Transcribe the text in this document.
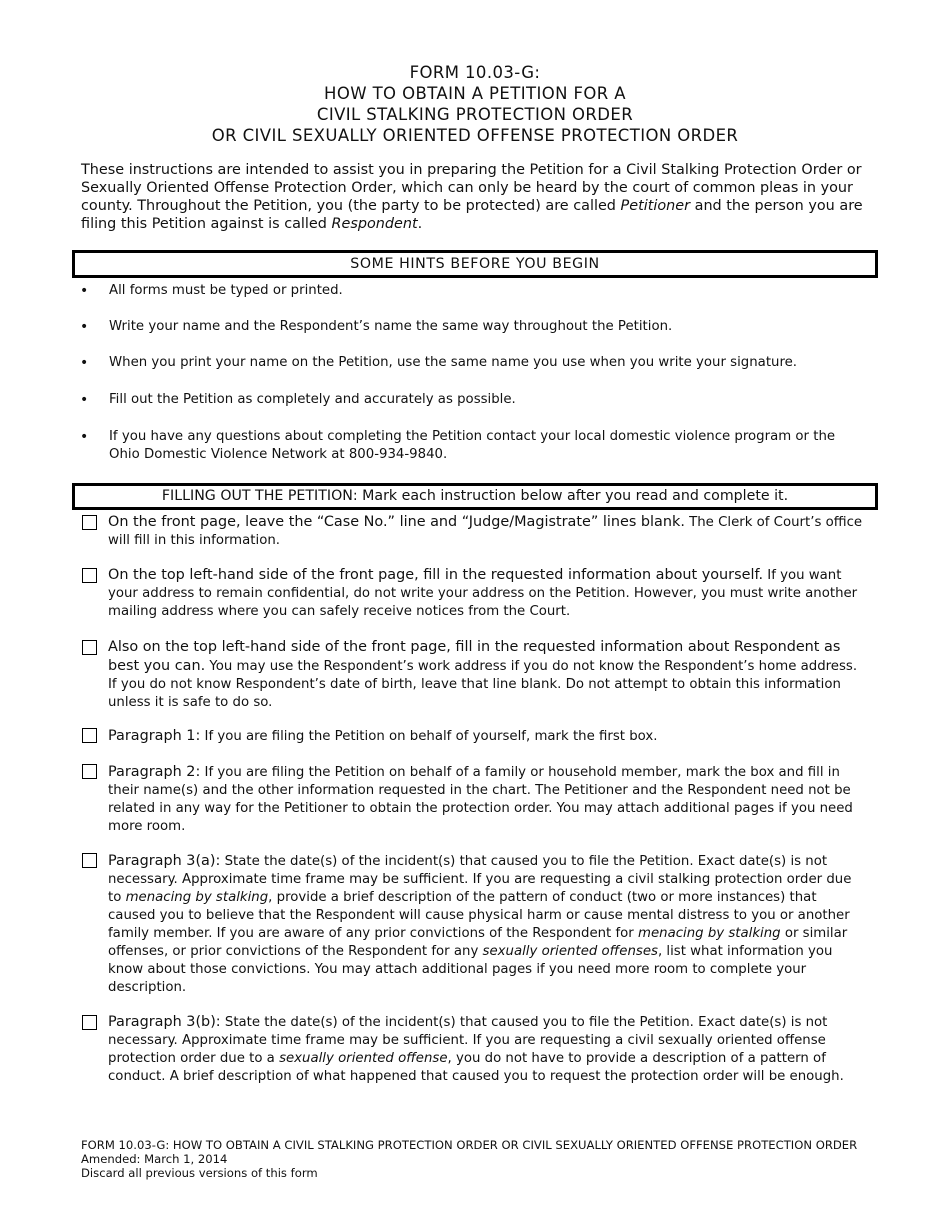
FORM 10.03-G:
HOW TO OBTAIN A PETITION FOR A
CIVIL STALKING PROTECTION ORDER
OR CIVIL SEXUALLY ORIENTED OFFENSE PROTECTION ORDER
These instructions are intended to assist you in preparing the Petition for a Civil Stalking Protection Order or Sexually Oriented Offense Protection Order, which can only be heard by the court of common pleas in your county. Throughout the Petition, you (the party to be protected) are called Petitioner and the person you are filing this Petition against is called Respondent.
SOME HINTS BEFORE YOU BEGIN
• All forms must be typed or printed.
• Write your name and the Respondent’s name the same way throughout the Petition.
• When you print your name on the Petition, use the same name you use when you write your signature.
• Fill out the Petition as completely and accurately as possible.
• If you have any questions about completing the Petition contact your local domestic violence program or the Ohio Domestic Violence Network at 800-934-9840.
FILLING OUT THE PETITION: Mark each instruction below after you read and complete it.
On the front page, leave the “Case No.” line and “Judge/Magistrate” lines blank. The Clerk of Court’s office will fill in this information.
On the top left-hand side of the front page, fill in the requested information about yourself. If you want your address to remain confidential, do not write your address on the Petition. However, you must write another mailing address where you can safely receive notices from the Court.
Also on the top left-hand side of the front page, fill in the requested information about Respondent as best you can. You may use the Respondent’s work address if you do not know the Respondent’s home address. If you do not know Respondent’s date of birth, leave that line blank. Do not attempt to obtain this information unless it is safe to do so.
Paragraph 1: If you are filing the Petition on behalf of yourself, mark the first box.
Paragraph 2: If you are filing the Petition on behalf of a family or household member, mark the box and fill in their name(s) and the other information requested in the chart. The Petitioner and the Respondent need not be related in any way for the Petitioner to obtain the protection order. You may attach additional pages if you need more room.
Paragraph 3(a): State the date(s) of the incident(s) that caused you to file the Petition. Exact date(s) is not necessary. Approximate time frame may be sufficient. If you are requesting a civil stalking protection order due to menacing by stalking, provide a brief description of the pattern of conduct (two or more instances) that caused you to believe that the Respondent will cause physical harm or cause mental distress to you or another family member. If you are aware of any prior convictions of the Respondent for menacing by stalking or similar offenses, or prior convictions of the Respondent for any sexually oriented offenses, list what information you know about those convictions. You may attach additional pages if you need more room to complete your description.
Paragraph 3(b): State the date(s) of the incident(s) that caused you to file the Petition. Exact date(s) is not necessary. Approximate time frame may be sufficient. If you are requesting a civil sexually oriented offense protection order due to a sexually oriented offense, you do not have to provide a description of a pattern of conduct. A brief description of what happened that caused you to request the protection order will be enough.
FORM 10.03-G: HOW TO OBTAIN A CIVIL STALKING PROTECTION ORDER OR CIVIL SEXUALLY ORIENTED OFFENSE PROTECTION ORDER
Amended: March 1, 2014
Discard all previous versions of this form
